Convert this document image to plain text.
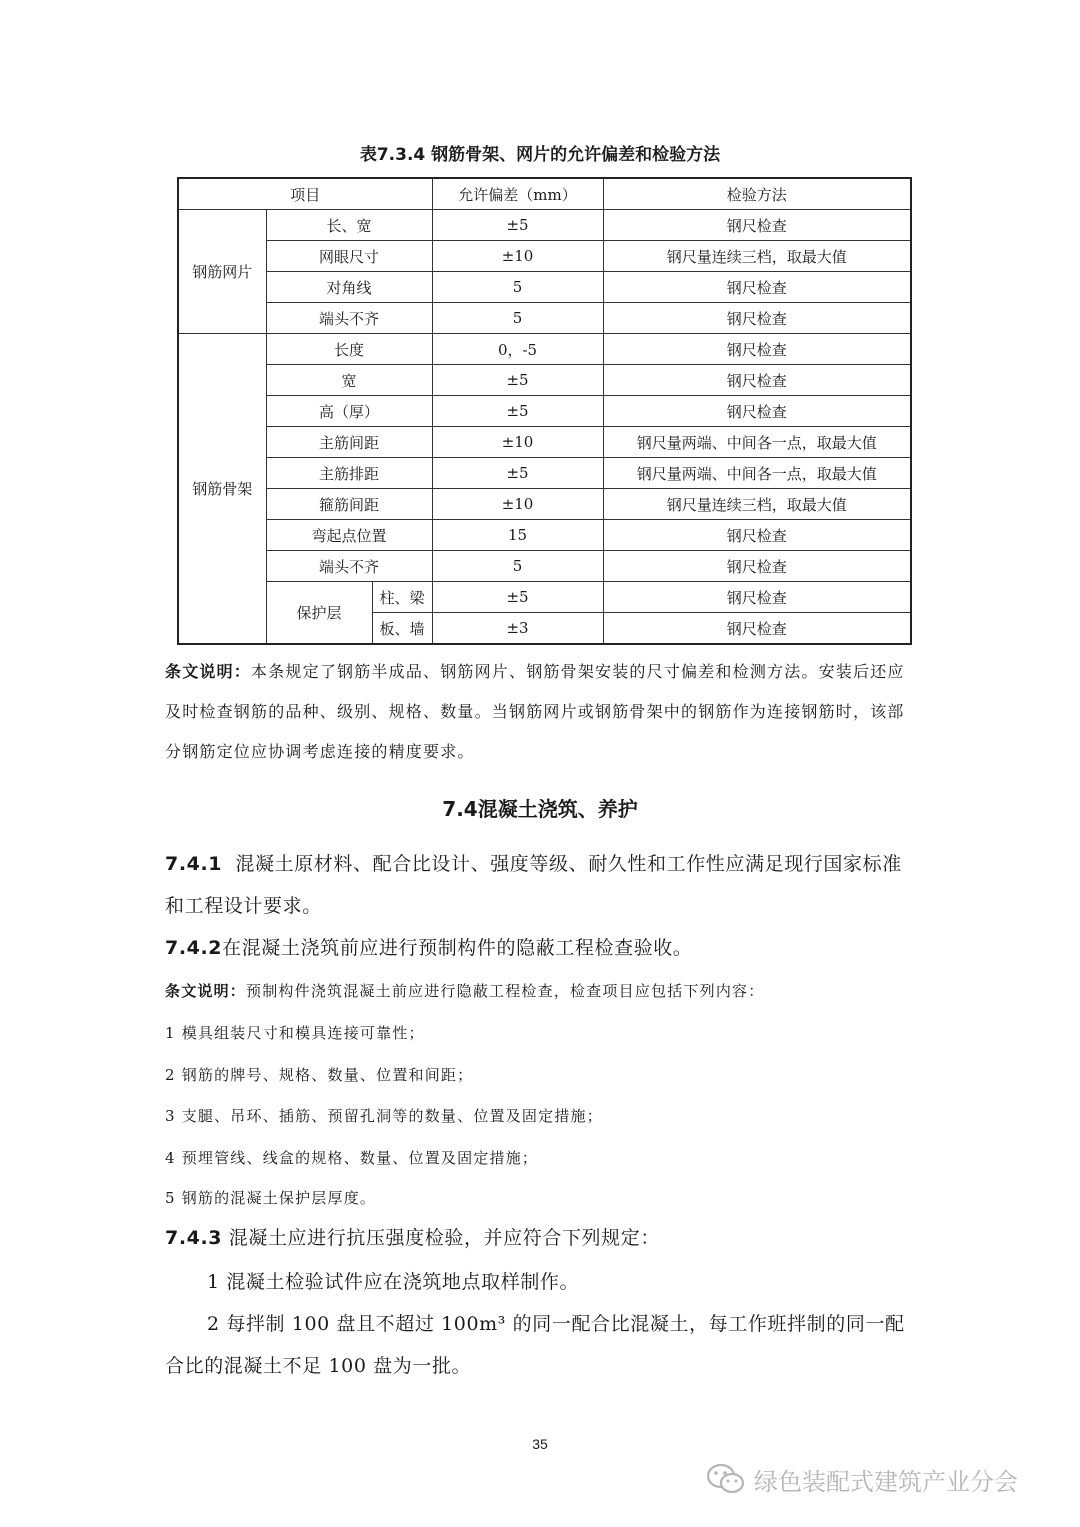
表7.3.4 钢筋骨架、网片的允许偏差和检验方法
项目			允许偏差（mm）	检验方法
钢筋网片	长、宽		±5	钢尺检查
	网眼尺寸		±10	钢尺量连续三档，取最大值
	对角线		5	钢尺检查
	端头不齐		5	钢尺检查
钢筋骨架	长度		0，-5	钢尺检查
	宽		±5	钢尺检查
	高（厚）		±5	钢尺检查
	主筋间距		±10	钢尺量两端、中间各一点，取最大值
	主筋排距		±5	钢尺量两端、中间各一点，取最大值
	箍筋间距		±10	钢尺量连续三档，取最大值
	弯起点位置		15	钢尺检查
	端头不齐		5	钢尺检查
	保护层	柱、梁	±5	钢尺检查
		板、墙	±3	钢尺检查
条文说明：本条规定了钢筋半成品、钢筋网片、钢筋骨架安装的尺寸偏差和检测方法。安装后还应及时检查钢筋的品种、级别、规格、数量。当钢筋网片或钢筋骨架中的钢筋作为连接钢筋时，该部分钢筋定位应协调考虑连接的精度要求。
7.4混凝土浇筑、养护
7.4.1 混凝土原材料、配合比设计、强度等级、耐久性和工作性应满足现行国家标准和工程设计要求。
7.4.2在混凝土浇筑前应进行预制构件的隐蔽工程检查验收。
条文说明：预制构件浇筑混凝土前应进行隐蔽工程检查，检查项目应包括下列内容：
1 模具组装尺寸和模具连接可靠性；
2 钢筋的牌号、规格、数量、位置和间距；
3 支腿、吊环、插筋、预留孔洞等的数量、位置及固定措施；
4 预埋管线、线盒的规格、数量、位置及固定措施；
5 钢筋的混凝土保护层厚度。
7.4.3 混凝土应进行抗压强度检验，并应符合下列规定：
1 混凝土检验试件应在浇筑地点取样制作。
2 每拌制 100 盘且不超过 100m³ 的同一配合比混凝土，每工作班拌制的同一配合比的混凝土不足 100 盘为一批。
35
绿色装配式建筑产业分会
